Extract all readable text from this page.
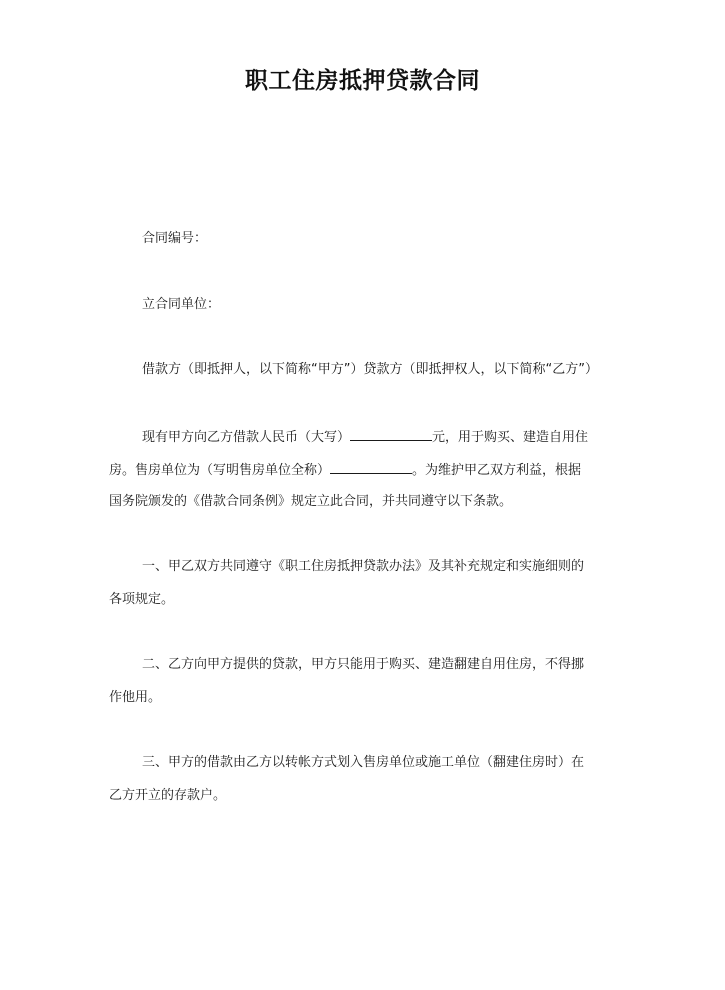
职工住房抵押贷款合同
合同编号：
立合同单位：
借款方（即抵押人，以下简称“甲方”）贷款方（即抵押权人，以下简称“乙方”）
现有甲方向乙方借款人民币（大写）	元，用于购买、建造自用住
房。售房单位为（写明售房单位全称）	。为维护甲乙双方利益，根据
国务院颁发的《借款合同条例》规定立此合同，并共同遵守以下条款。
一、甲乙双方共同遵守《职工住房抵押贷款办法》及其补充规定和实施细则的
各项规定。
二、乙方向甲方提供的贷款，甲方只能用于购买、建造翻建自用住房，不得挪
作他用。
三、甲方的借款由乙方以转帐方式划入售房单位或施工单位（翻建住房时）在
乙方开立的存款户。
